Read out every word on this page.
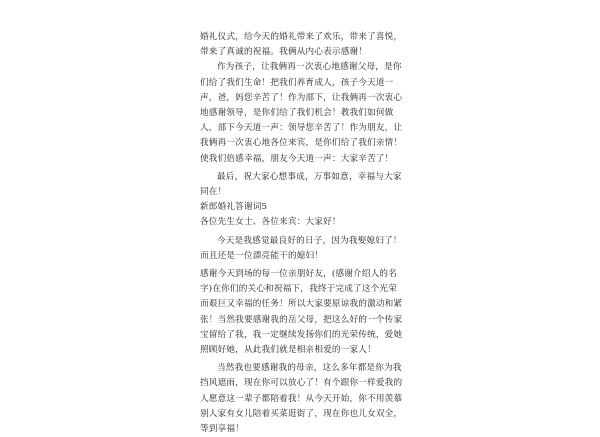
婚礼仪式，给今天的婚礼带来了欢乐，带来了喜悦，带来了真诚的祝福。我俩从内心表示感谢！

作为孩子，让我俩再一次衷心地感谢父母，是你们给了我们生命！把我们养育成人，孩子今天道一声，爸，妈您辛苦了！作为部下，让我俩再一次衷心地感谢领导，是你们给了我们机会！教我们如何做人，部下今天道一声：领导您辛苦了！作为朋友，让我俩再一次衷心地各位来宾，是你们给了我们亲情！使我们倍感幸福，朋友今天道一声：大家辛苦了！

最后，祝大家心想事成，万事如意，幸福与大家同在！

新郎婚礼答谢词5

各位先生女士、各位来宾：大家好！

今天是我感觉最良好的日子，因为我娶媳妇了！而且还是一位漂亮能干的媳妇！

感谢今天到场的每一位亲朋好友，(感谢介绍人的名字)在你们的关心和祝福下，我终于完成了这个光荣而艰巨又幸福的任务！所以大家要原谅我的激动和紧张！当然我要感谢我的岳父母，把这么好的一个传家宝留给了我，我一定继续发扬你们的光荣传统，爱她照顾好她，从此我们就是相亲相爱的一家人！

当然我也要感谢我的母亲，这么多年都是你为我挡风遮雨，现在你可以放心了！有个跟你一样爱我的人愿意这一辈子都陪着我！从今天开始，你不用羡慕别人家有女儿陪着买菜逛街了，现在你也儿女双全，等到享福！
